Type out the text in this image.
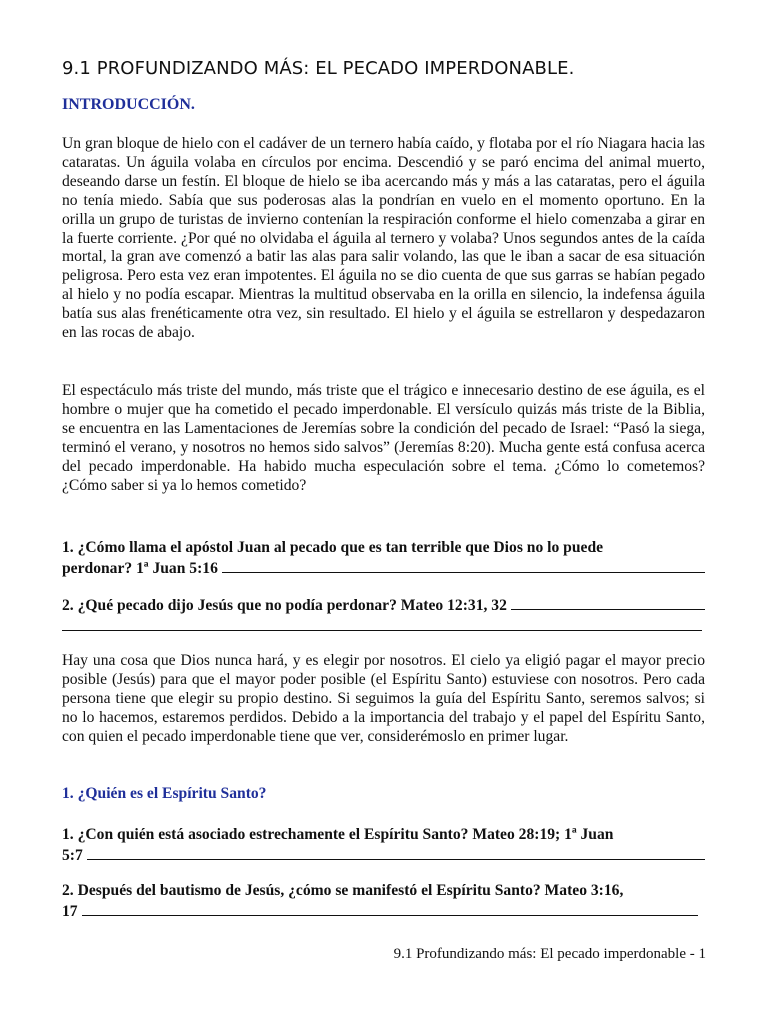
9.1 PROFUNDIZANDO MÁS: EL PECADO IMPERDONABLE.
INTRODUCCIÓN.

Un gran bloque de hielo con el cadáver de un ternero había caído, y flotaba por el río Niagara hacia las cataratas. Un águila volaba en círculos por encima. Descendió y se paró encima del animal muerto, deseando darse un festín. El bloque de hielo se iba acercando más y más a las cataratas, pero el águila no tenía miedo. Sabía que sus poderosas alas la pondrían en vuelo en el momento oportuno. En la orilla un grupo de turistas de invierno contenían la respiración conforme el hielo comenzaba a girar en la fuerte corriente. ¿Por qué no olvidaba el águila al ternero y volaba? Unos segundos antes de la caída mortal, la gran ave comenzó a batir las alas para salir volando, las que le iban a sacar de esa situación peligrosa. Pero esta vez eran impotentes. El águila no se dio cuenta de que sus garras se habían pegado al hielo y no podía escapar. Mientras la multitud observaba en la orilla en silencio, la indefensa águila batía sus alas frenéticamente otra vez, sin resultado. El hielo y el águila se estrellaron y despedazaron en las rocas de abajo.

El espectáculo más triste del mundo, más triste que el trágico e innecesario destino de ese águila, es el hombre o mujer que ha cometido el pecado imperdonable. El versículo quizás más triste de la Biblia, se encuentra en las Lamentaciones de Jeremías sobre la condición del pecado de Israel: “Pasó la siega, terminó el verano, y nosotros no hemos sido salvos” (Jeremías 8:20). Mucha gente está confusa acerca del pecado imperdonable. Ha habido mucha especulación sobre el tema. ¿Cómo lo cometemos? ¿Cómo saber si ya lo hemos cometido?

1. ¿Cómo llama el apóstol Juan al pecado que es tan terrible que Dios no lo puede
perdonar? 1ª Juan 5:16
2. ¿Qué pecado dijo Jesús que no podía perdonar? Mateo 12:31, 32

Hay una cosa que Dios nunca hará, y es elegir por nosotros. El cielo ya eligió pagar el mayor precio posible (Jesús) para que el mayor poder posible (el Espíritu Santo) estuviese con nosotros. Pero cada persona tiene que elegir su propio destino. Si seguimos la guía del Espíritu Santo, seremos salvos; si no lo hacemos, estaremos perdidos. Debido a la importancia del trabajo y el papel del Espíritu Santo, con quien el pecado imperdonable tiene que ver, considerémoslo en primer lugar.

1. ¿Quién es el Espíritu Santo?
1. ¿Con quién está asociado estrechamente el Espíritu Santo? Mateo 28:19; 1ª Juan
5:7
2. Después del bautismo de Jesús, ¿cómo se manifestó el Espíritu Santo? Mateo 3:16,
17
9.1 Profundizando más: El pecado imperdonable - 1
